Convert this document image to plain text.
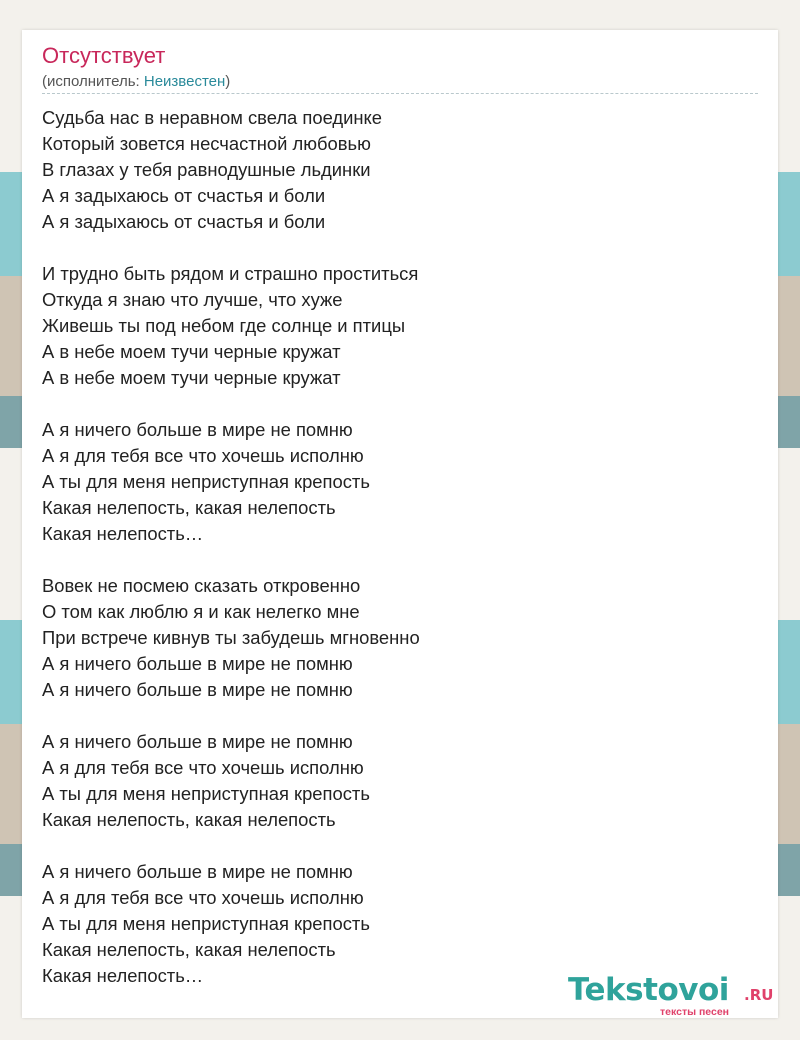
Отсутствует
(исполнитель: Неизвестен)
Судьба нас в неравном свела поединке
Который зовется несчастной любовью
В глазах у тебя равнодушные льдинки
А я задыхаюсь от счастья и боли
А я задыхаюсь от счастья и боли
И трудно быть рядом и страшно проститься
Откуда я знаю что лучше, что хуже
Живешь ты под небом где солнце и птицы
А в небе моем тучи черные кружат
А в небе моем тучи черные кружат
А я ничего больше в мире не помню
А я для тебя все что хочешь исполню
А ты для меня неприступная крепость
Какая нелепость, какая нелепость
Какая нелепость…
Вовек не посмею сказать откровенно
О том как люблю я и как нелегко мне
При встрече кивнув ты забудешь мгновенно
А я ничего больше в мире не помню
А я ничего больше в мире не помню
А я ничего больше в мире не помню
А я для тебя все что хочешь исполню
А ты для меня неприступная крепость
Какая нелепость, какая нелепость
А я ничего больше в мире не помню
А я для тебя все что хочешь исполню
А ты для меня неприступная крепость
Какая нелепость, какая нелепость
Какая нелепость…	Tekstovoi .RU
тексты песен
